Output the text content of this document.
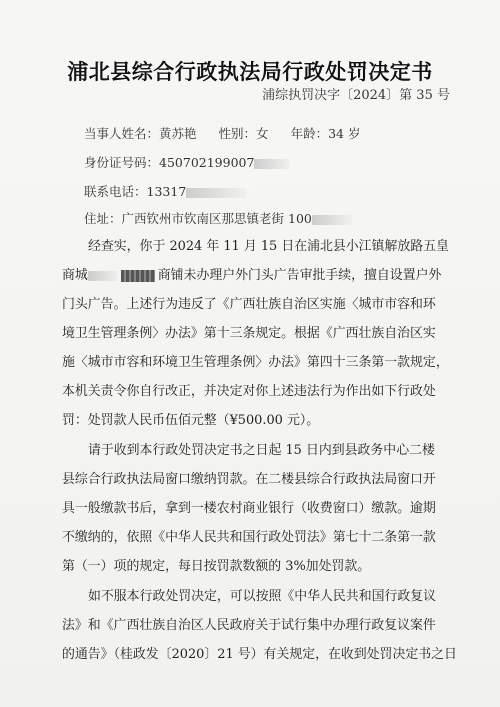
浦北县综合行政执法局行政处罚决定书
浦综执罚决字〔2024〕第 35 号
当事人姓名：黄苏艳 性别：女 年龄：34 岁
身份证号码：450702199007
联系电话：13317
住址：广西钦州市钦南区那思镇老街 100
经查实，你于 2024 年 11 月 15 日在浦北县小江镇解放路五皇
商城	商铺未办理户外门头广告审批手续，擅自设置户外
门头广告。上述行为违反了《广西壮族自治区实施〈城市市容和环
境卫生管理条例〉办法》第十三条规定。根据《广西壮族自治区实
施〈城市市容和环境卫生管理条例〉办法》第四十三条第一款规定，
本机关责令你自行改正，并决定对你上述违法行为作出如下行政处
罚：处罚款人民币伍佰元整（¥500.00 元）。
请于收到本行政处罚决定书之日起 15 日内到县政务中心二楼
县综合行政执法局窗口缴纳罚款。在二楼县综合行政执法局窗口开
具一般缴款书后，拿到一楼农村商业银行（收费窗口）缴款。逾期
不缴纳的，依照《中华人民共和国行政处罚法》第七十二条第一款
第（一）项的规定，每日按罚款数额的 3%加处罚款。
如不服本行政处罚决定，可以按照《中华人民共和国行政复议
法》和《广西壮族自治区人民政府关于试行集中办理行政复议案件
的通告》（桂政发〔2020〕21 号）有关规定，在收到处罚决定书之日
